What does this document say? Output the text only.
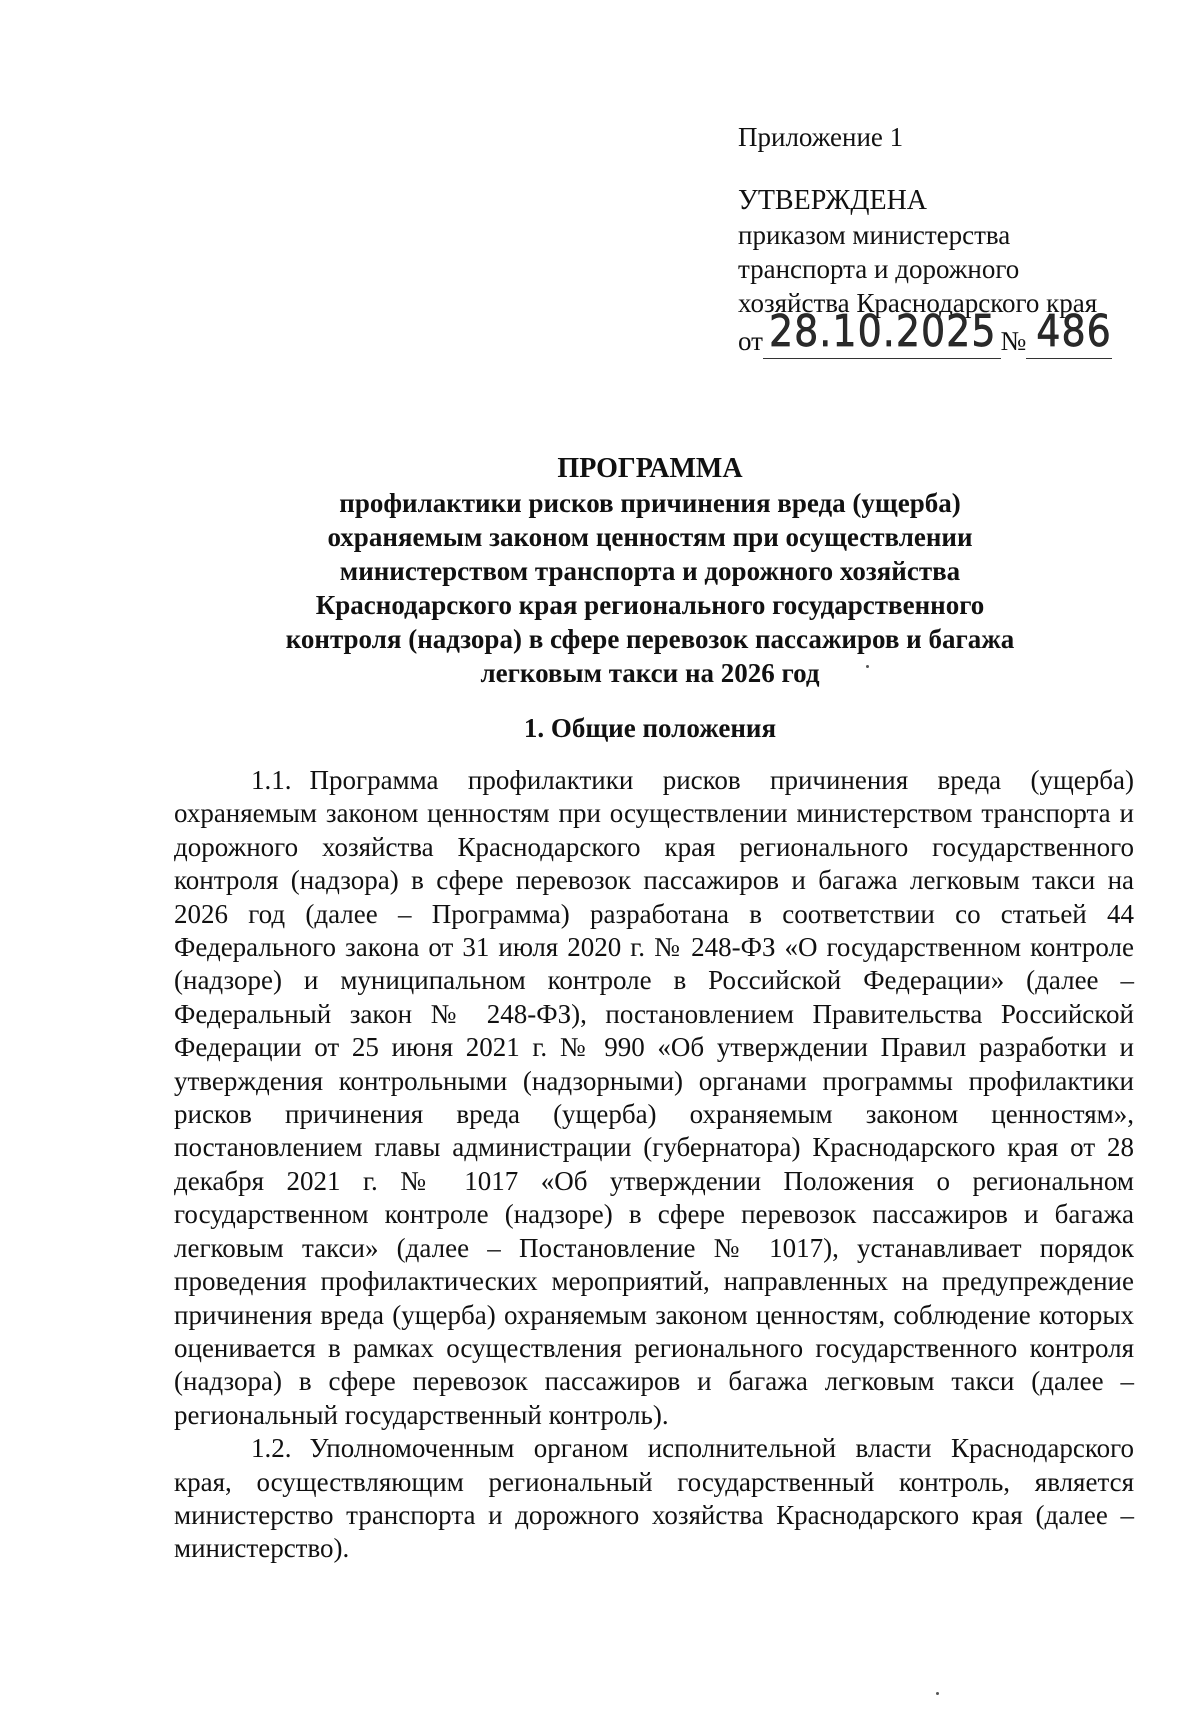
Приложение 1
УТВЕРЖДЕНА
приказом министерства
транспорта и дорожного
хозяйства Краснодарского края
от 28.10.2025 № 486
ПРОГРАММА
профилактики рисков причинения вреда (ущерба)
охраняемым законом ценностям при осуществлении
министерством транспорта и дорожного хозяйства
Краснодарского края регионального государственного
контроля (надзора) в сфере перевозок пассажиров и багажа
легковым такси на 2026 год
1. Общие положения

1.1. Программа профилактики рисков причинения вреда (ущерба) охраняемым законом ценностям при осуществлении министерством транспорта и дорожного хозяйства Краснодарского края регионального государственного контроля (надзора) в сфере перевозок пассажиров и багажа легковым такси на 2026 год (далее – Программа) разработана в соответствии со статьей 44 Федерального закона от 31 июля 2020 г. № 248-ФЗ «О государственном контроле (надзоре) и муниципальном контроле в Российской Федерации» (далее – Федеральный закон № 248-ФЗ), постановлением Правительства Российской Федерации от 25 июня 2021 г. № 990 «Об утверждении Правил разработки и утверждения контрольными (надзорными) органами программы профилактики рисков причинения вреда (ущерба) охраняемым законом ценностям», постановлением главы администрации (губернатора) Краснодарского края от 28 декабря 2021 г. № 1017 «Об утверждении Положения о региональном государственном контроле (надзоре) в сфере перевозок пассажиров и багажа легковым такси» (далее – Постановление № 1017), устанавливает порядок проведения профилактических мероприятий, направленных на предупреждение причинения вреда (ущерба) охраняемым законом ценностям, соблюдение которых оценивается в рамках осуществления регионального государственного контроля (надзора) в сфере перевозок пассажиров и багажа легковым такси (далее – региональный государственный контроль).

1.2. Уполномоченным органом исполнительной власти Краснодарского края, осуществляющим региональный государственный контроль, является министерство транспорта и дорожного хозяйства Краснодарского края (далее – министерство).
